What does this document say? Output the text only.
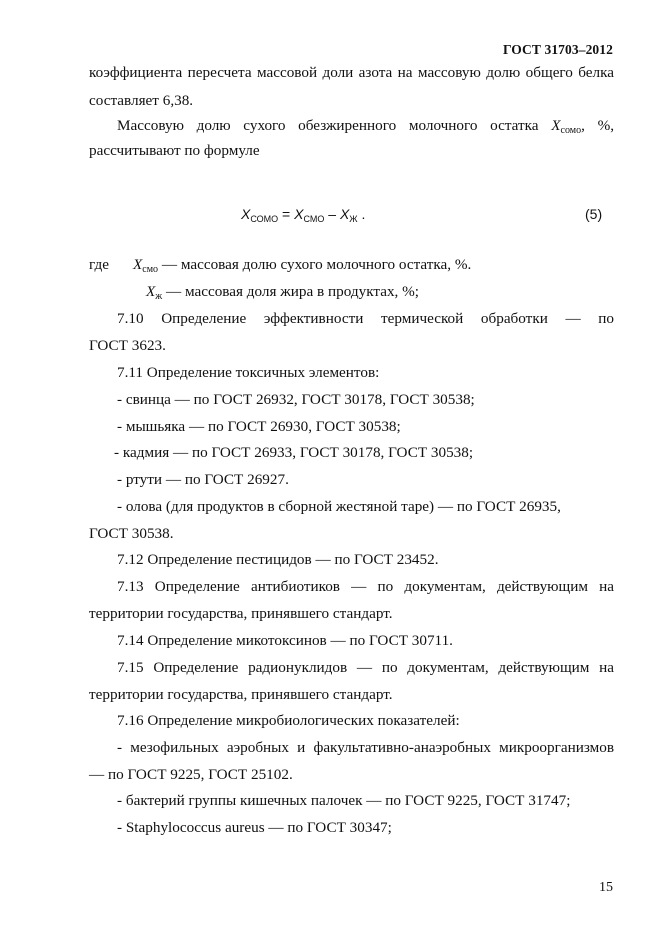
ГОСТ 31703–2012
коэффициента пересчета массовой доли азота на массовую долю общего белка
составляет 6,38.
Массовую долю сухого обезжиренного молочного остатка $X_{сомо}$, %,
рассчитывают по формуле
$X_{СОМО} = X_{СМО} - X_Ж$ .	(5)
где $X_{смо}$ — массовая долю сухого молочного остатка, %.
$X_ж$ — массовая доля жира в продуктах, %;
7.10 Определение эффективности термической обработки — по
ГОСТ 3623.
7.11 Определение токсичных элементов:
- свинца — по ГОСТ 26932, ГОСТ 30178, ГОСТ 30538;
- мышьяка — по ГОСТ 26930, ГОСТ 30538;
- кадмия — по ГОСТ 26933, ГОСТ 30178, ГОСТ 30538;
- ртути — по ГОСТ 26927.
- олова (для продуктов в сборной жестяной таре) — по ГОСТ 26935,
ГОСТ 30538.
7.12 Определение пестицидов — по ГОСТ 23452.
7.13 Определение антибиотиков — по документам, действующим на
территории государства, принявшего стандарт.
7.14 Определение микотоксинов — по ГОСТ 30711.
7.15 Определение радионуклидов — по документам, действующим на
территории государства, принявшего стандарт.
7.16 Определение микробиологических показателей:
- мезофильных аэробных и факультативно-анаэробных микроорганизмов
— по ГОСТ 9225, ГОСТ 25102.
- бактерий группы кишечных палочек — по ГОСТ 9225, ГОСТ 31747;
- Staphylococcus aureus — по ГОСТ 30347;
15
